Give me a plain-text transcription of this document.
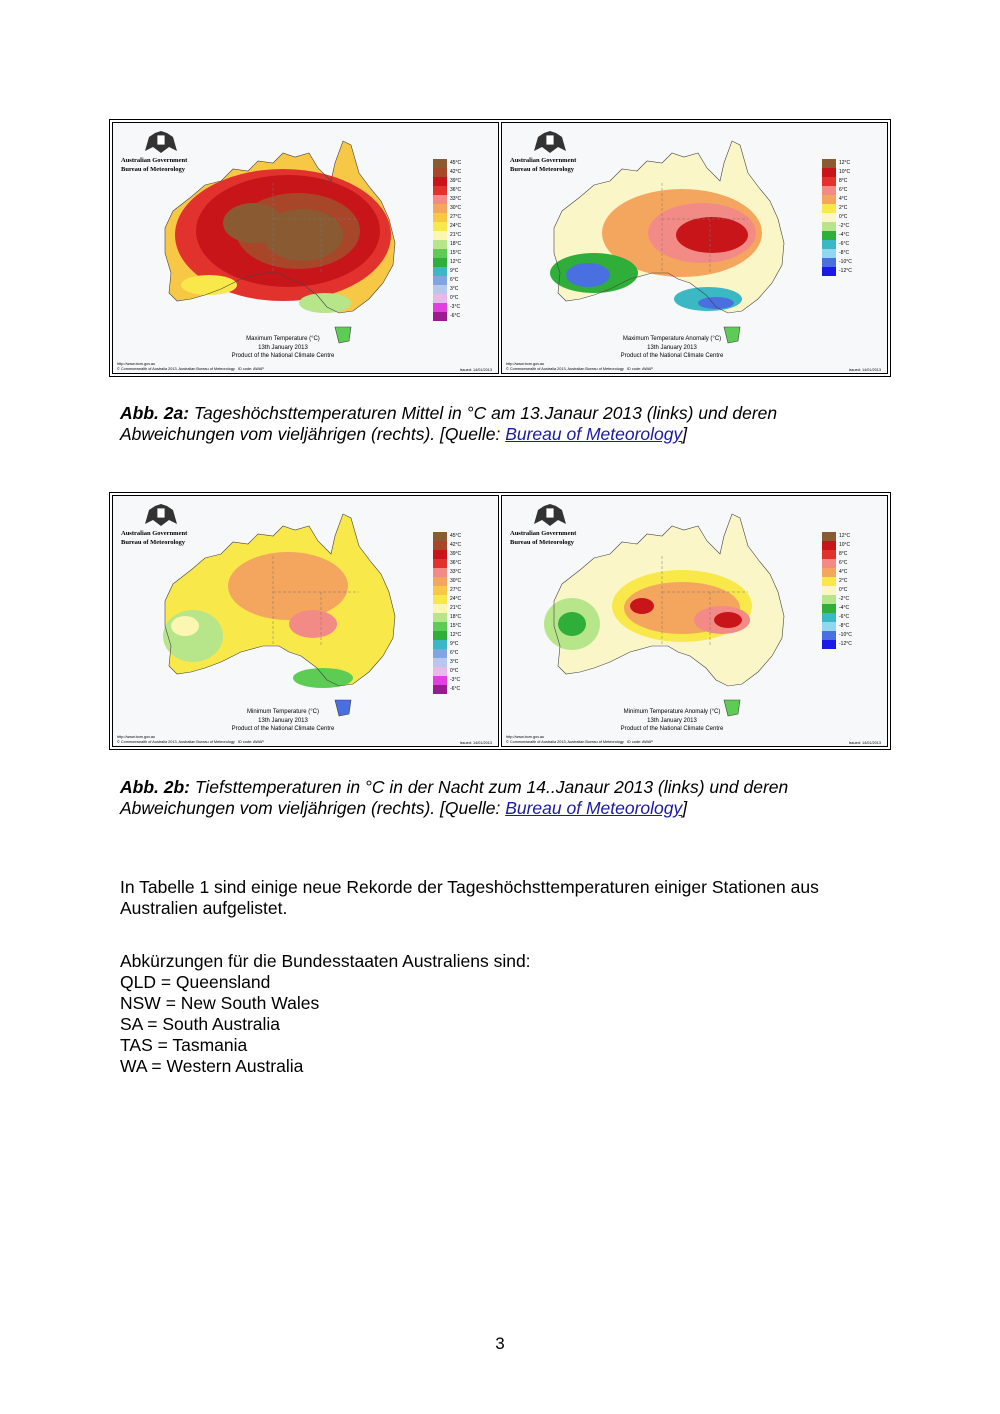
Australian Government
Bureau of Meteorology
45°C
42°C
39°C
36°C
33°C
30°C
27°C
24°C
21°C
18°C
15°C
12°C
9°C
6°C
3°C
0°C
-3°C
-6°C
Maximum Temperature (°C)
13th January 2013
Product of the National Climate Centre
http://www.bom.gov.au
© Commonwealth of Australia 2013, Australian Bureau of Meteorology ID code: AWAP	Issued: 14/01/2013
Australian Government
Bureau of Meteorology
12°C
10°C
8°C
6°C
4°C
2°C
0°C
-2°C
-4°C
-6°C
-8°C
-10°C
-12°C
Maximum Temperature Anomaly (°C)
13th January 2013
Product of the National Climate Centre
http://www.bom.gov.au
© Commonwealth of Australia 2013, Australian Bureau of Meteorology ID code: AWAP	Issued: 14/01/2013
Abb. 2a: Tageshöchsttemperaturen Mittel in °C am 13.Janaur 2013 (links) und deren Abweichungen vom vieljährigen (rechts). [Quelle: Bureau of Meteorology]
Australian Government
Bureau of Meteorology
45°C
42°C
39°C
36°C
33°C
30°C
27°C
24°C
21°C
18°C
15°C
12°C
9°C
6°C
3°C
0°C
-3°C
-6°C
Minimum Temperature (°C)
13th January 2013
Product of the National Climate Centre
http://www.bom.gov.au
© Commonwealth of Australia 2013, Australian Bureau of Meteorology ID code: AWAP	Issued: 14/01/2013
Australian Government
Bureau of Meteorology
12°C
10°C
8°C
6°C
4°C
2°C
0°C
-2°C
-4°C
-6°C
-8°C
-10°C
-12°C
Minimum Temperature Anomaly (°C)
13th January 2013
Product of the National Climate Centre
http://www.bom.gov.au
© Commonwealth of Australia 2013, Australian Bureau of Meteorology ID code: AWAP	Issued: 14/01/2013
Abb. 2b: Tiefsttemperaturen in °C in der Nacht zum 14..Janaur 2013 (links) und deren Abweichungen vom vieljährigen (rechts). [Quelle: Bureau of Meteorology]
In Tabelle 1 sind einige neue Rekorde der Tageshöchsttemperaturen einiger Stationen aus Australien aufgelistet.
Abkürzungen für die Bundesstaaten Australiens sind:
QLD = Queensland
NSW = New South Wales
SA = South Australia
TAS = Tasmania
WA = Western Australia
3
